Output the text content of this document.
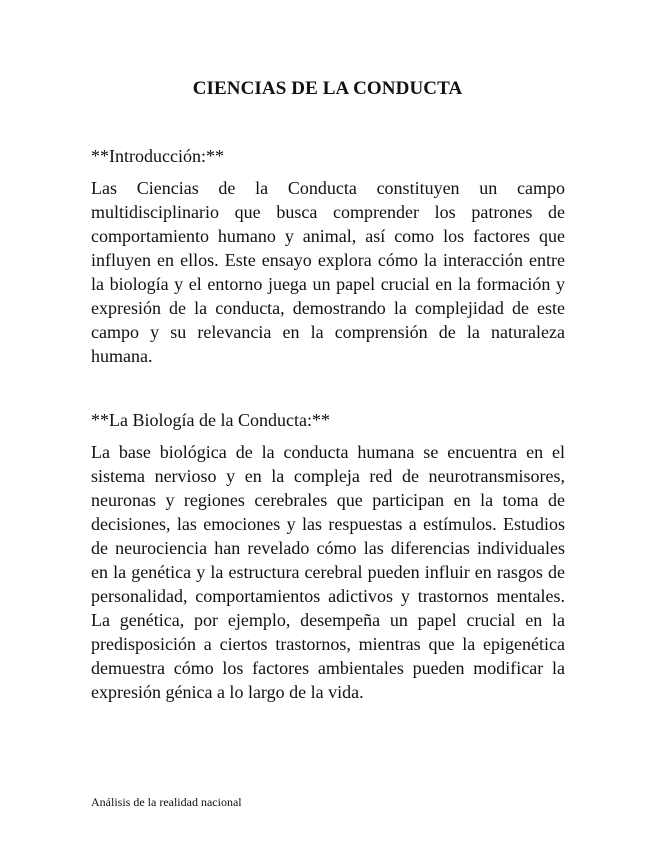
CIENCIAS DE LA CONDUCTA
**Introducción:**

Las Ciencias de la Conducta constituyen un campo multidisciplinario que busca comprender los patrones de comportamiento humano y animal, así como los factores que influyen en ellos. Este ensayo explora cómo la interacción entre la biología y el entorno juega un papel crucial en la formación y expresión de la conducta, demostrando la complejidad de este campo y su relevancia en la comprensión de la naturaleza humana.

**La Biología de la Conducta:**

La base biológica de la conducta humana se encuentra en el sistema nervioso y en la compleja red de neurotransmisores, neuronas y regiones cerebrales que participan en la toma de decisiones, las emociones y las respuestas a estímulos. Estudios de neurociencia han revelado cómo las diferencias individuales en la genética y la estructura cerebral pueden influir en rasgos de personalidad, comportamientos adictivos y trastornos mentales. La genética, por ejemplo, desempeña un papel crucial en la predisposición a ciertos trastornos, mientras que la epigenética demuestra cómo los factores ambientales pueden modificar la expresión génica a lo largo de la vida.

Análisis de la realidad nacional
